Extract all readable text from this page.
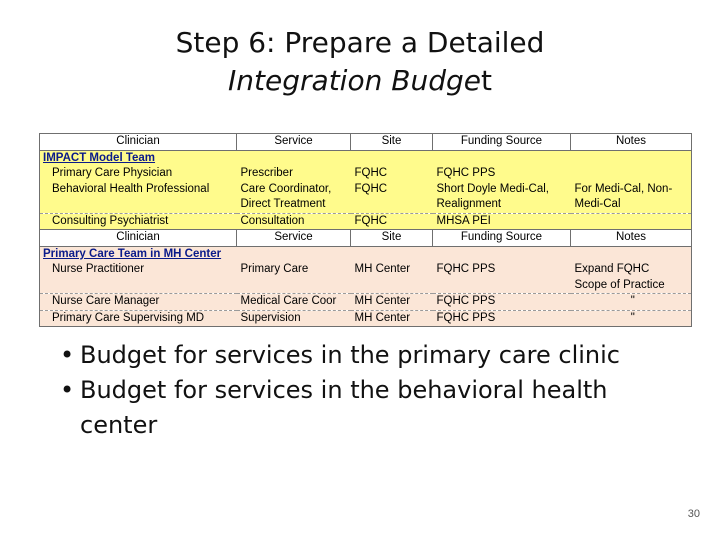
Step 6: Prepare a Detailed
Integration Budget
Clinician	Service	Site	Funding Source	Notes
IMPACT Model Team				
Primary Care Physician	Prescriber	FQHC	FQHC PPS	
Behavioral Health Professional	Care Coordinator,	FQHC	Short Doyle Medi-Cal,	For Medi-Cal, Non-
	Direct Treatment		Realignment	Medi-Cal
Consulting Psychiatrist	Consultation	FQHC	MHSA PEI	
Clinician	Service	Site	Funding Source	Notes
Primary Care Team in MH Center				
Nurse Practitioner	Primary Care	MH Center	FQHC PPS	Expand FQHC
				Scope of Practice
Nurse Care Manager	Medical Care Coor	MH Center	FQHC PPS	"
Primary Care Supervising MD	Supervision	MH Center	FQHC PPS	"
• Budget for services in the primary care clinic
• Budget for services in the behavioral health center
30
